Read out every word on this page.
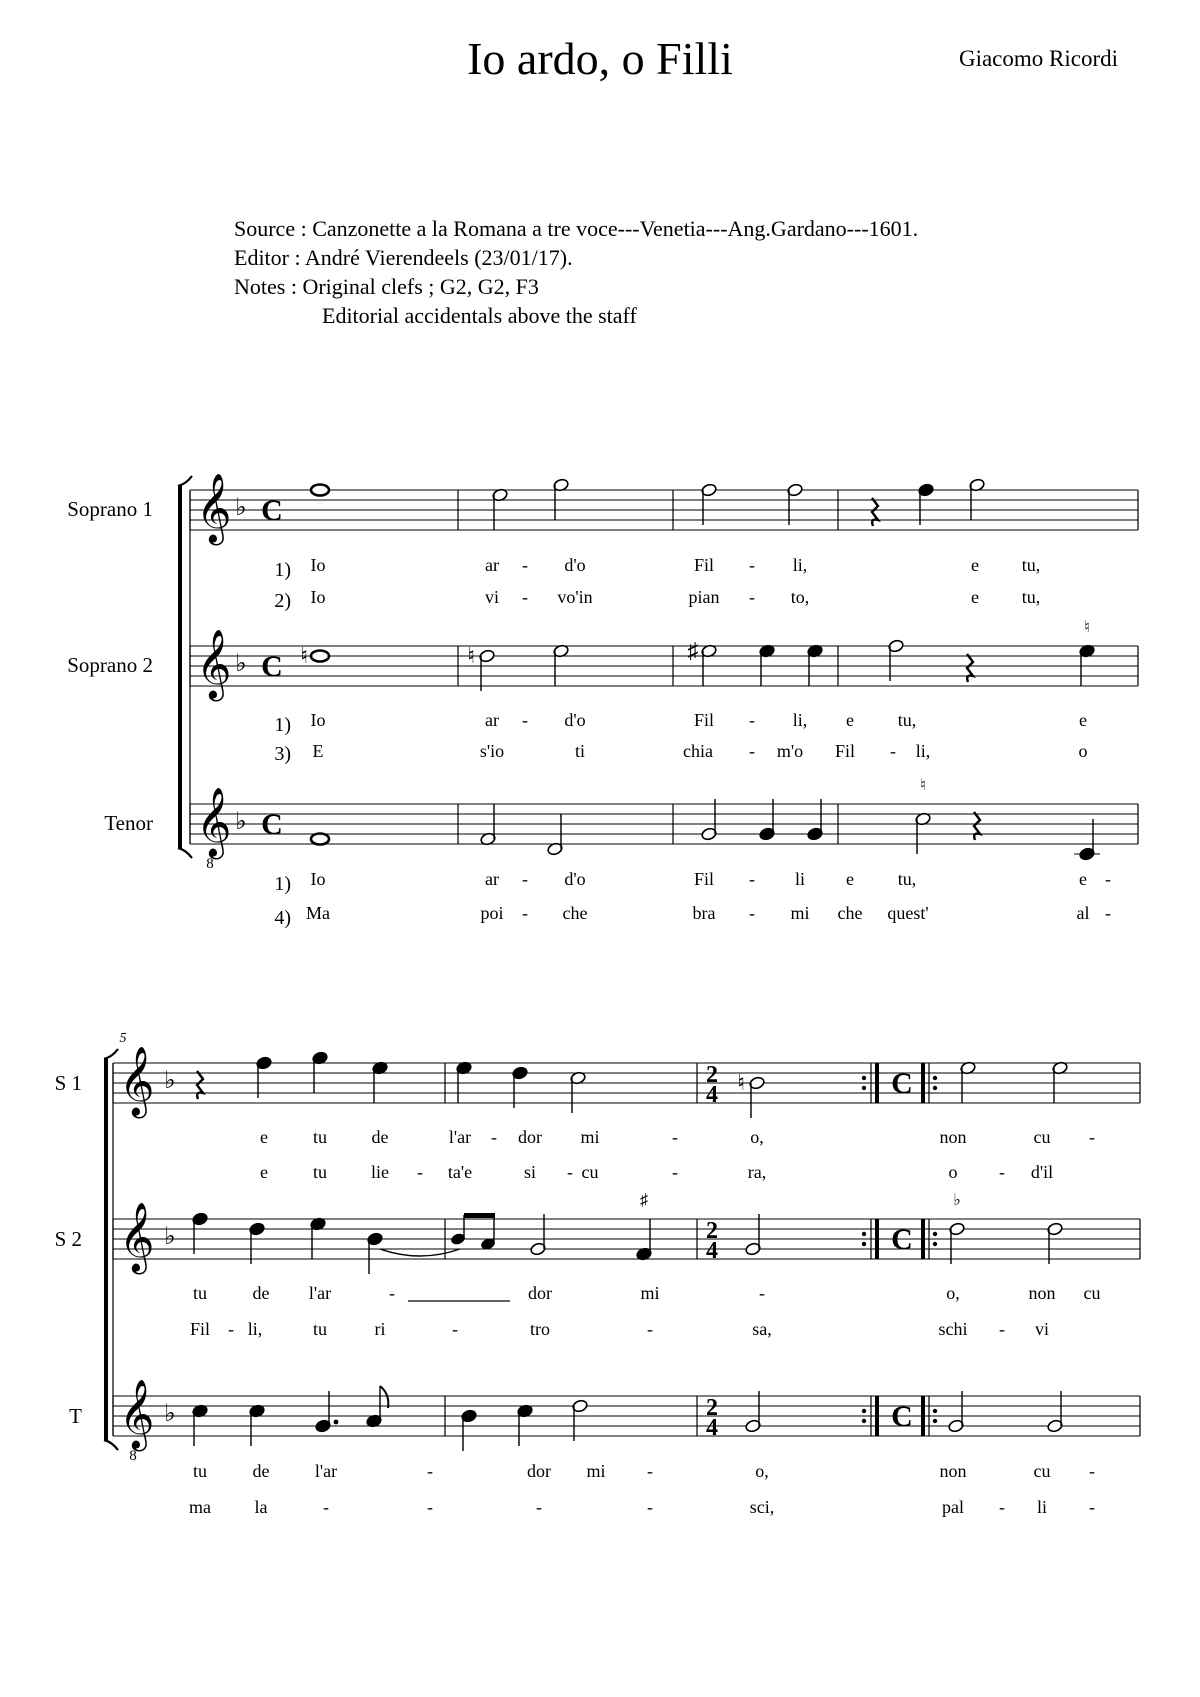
Io ardo, o Filli	Giacomo Ricordi
Source : Canzonette a la Romana a tre voce---Venetia---Ang.Gardano---1601.
Editor : André Vierendeels (23/01/17).
Notes : Original clefs ; G2, G2, F3
Editorial accidentals above the staff
𝄞 ♭ C
Soprano 1
𝄞 ♭ C
Soprano 2
𝄞
8
♭ C
Tenor
♮	♮	♯
♮
♮
1)
2)
1)
3)
1)
4)
Io	ar - d'o	Fil - li,	e tu,
Io	vi - vo'in	pian - to,	e tu,
Io	ar - d'o	Fil - li, e tu,	e
E	s'io	ti	chia - m'o Fil - li,	o
Io	ar - d'o	Fil - li e tu,	e -
Ma	poi - che	bra - mi che quest'	al -
𝄞 ♭	2
4	C
S 1
𝄞 ♭	2
4	C
S 2
𝄞
8
♭	2
4	C
T
5
♮
♯	♭
e tu de	l'ar - dor mi	-	o,	non	cu -
e tu lie - ta'e	si - cu	-	ra,	o - d'il
tu	de l'ar	-	dor	mi	-	o,	non cu
Fil - li,	tu	ri	-	tro	-	sa,	schi - vi
tu	de	l'ar	-	dor mi -	o,	non	cu -
ma la	-	-	-	-	sci,	pal - li -
